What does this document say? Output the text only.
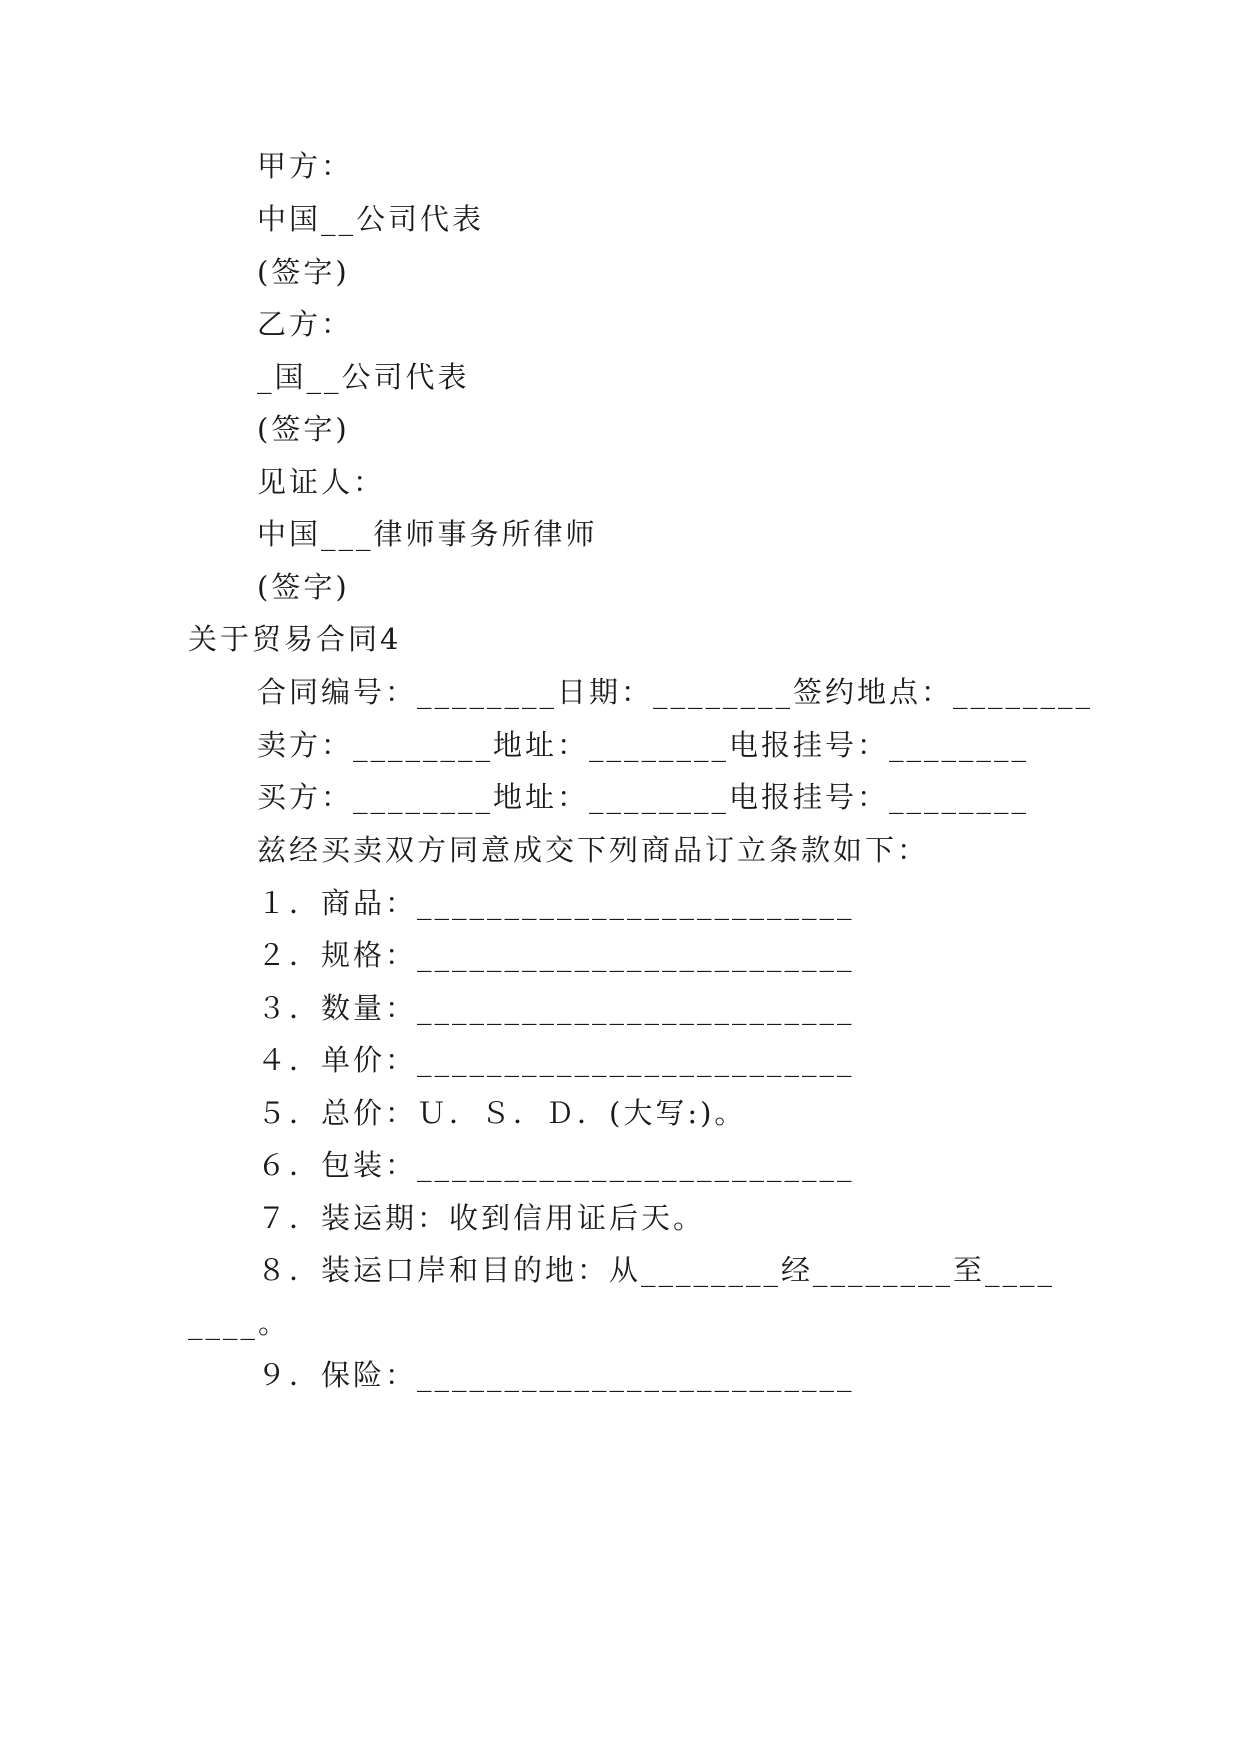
甲方：
中国__公司代表
(签字)
乙方：
_国__公司代表
(签字)
见证人：
中国___律师事务所律师
(签字)
关于贸易合同4
合同编号：________日期：________签约地点：________
卖方：________地址：________电报挂号：________
买方：________地址：________电报挂号：________
兹经买卖双方同意成交下列商品订立条款如下：
１．商品：_________________________
２．规格：_________________________
３．数量：_________________________
４．单价：_________________________
５．总价：Ｕ．Ｓ．Ｄ．(大写:)。
６．包装：_________________________
７．装运期：收到信用证后天。
８．装运口岸和目的地：从________经________至____
____。
９．保险：_________________________
